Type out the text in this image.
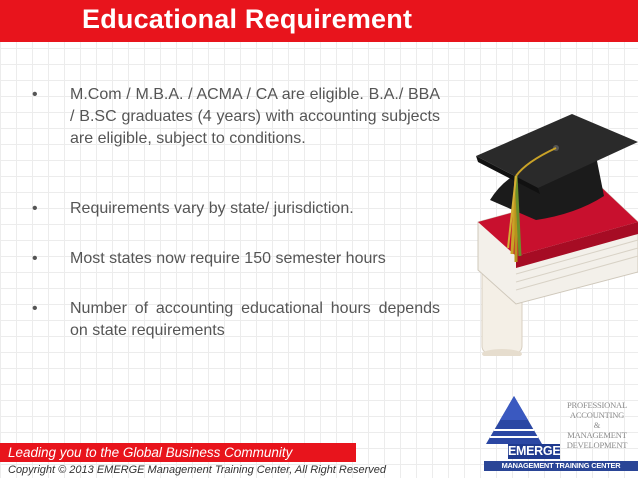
Educational Requirement
•	M.Com / M.B.A. / ACMA / CA are eligible. B.A./ BBA / B.SC graduates (4 years) with accounting subjects are eligible, subject to conditions.
•	Requirements vary by state/ jurisdiction.
•	Most states now require 150 semester hours
•	Number of accounting educational hours depends on state requirements
PROFESSIONAL
ACCOUNTING
&
MANAGEMENT
DEVELOPMENT
EMERGE
MANAGEMENT TRAINING CENTER
Leading you to the Global Business Community
Copyright © 2013 EMERGE Management Training Center, All Right Reserved
